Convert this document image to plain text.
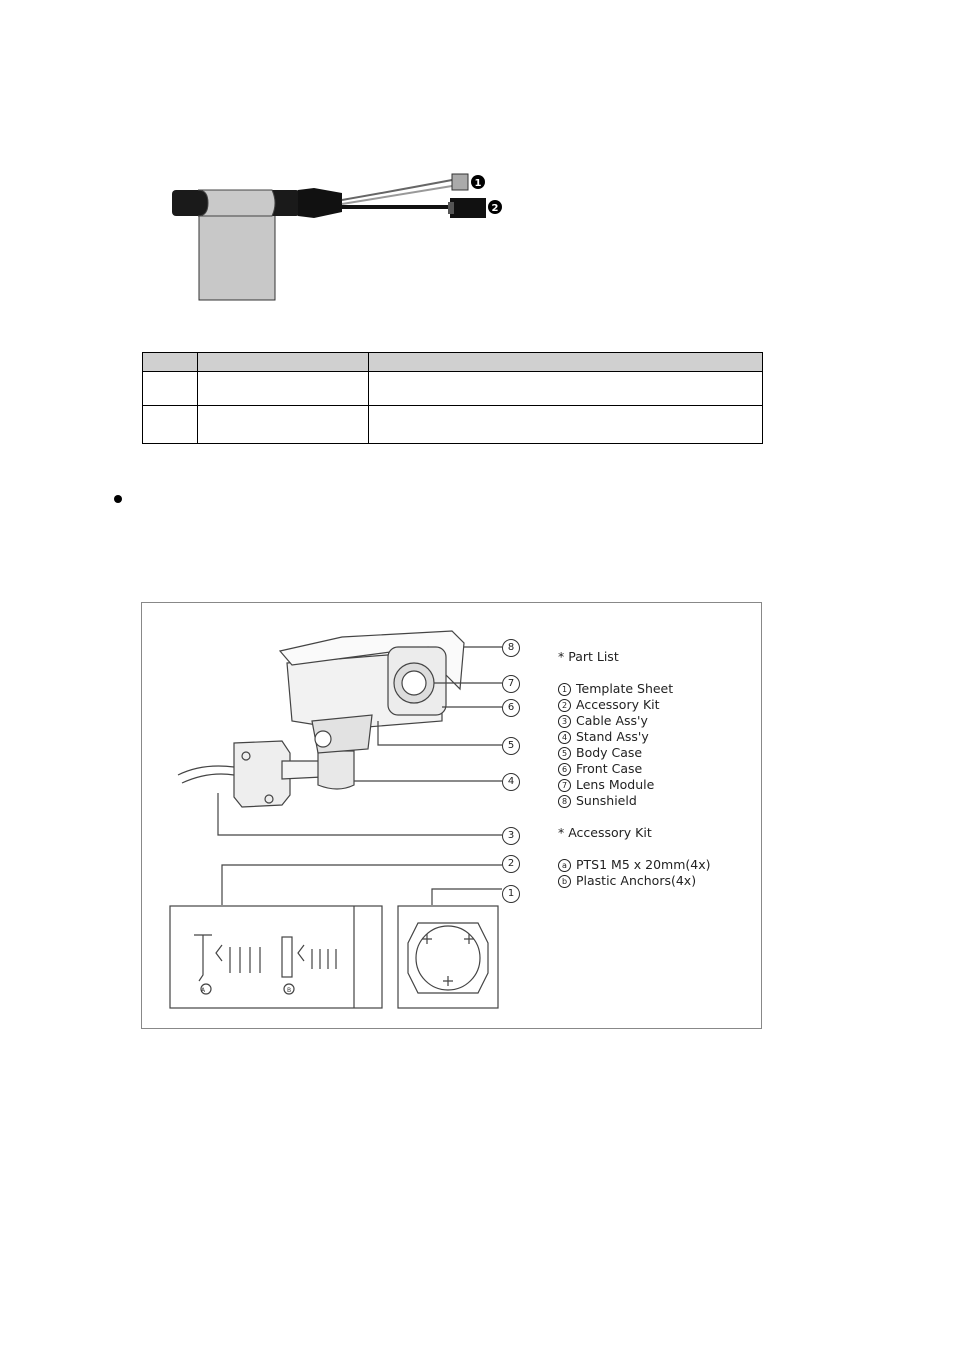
1
2

A	B
8
7
6
5
4
3
2
1
* Part List
1 Template Sheet
2 Accessory Kit
3 Cable Ass'y
4 Stand Ass'y
5 Body Case
6 Front Case
7 Lens Module
8 Sunshield
* Accessory Kit
a PTS1 M5 x 20mm(4x)
b Plastic Anchors(4x)
